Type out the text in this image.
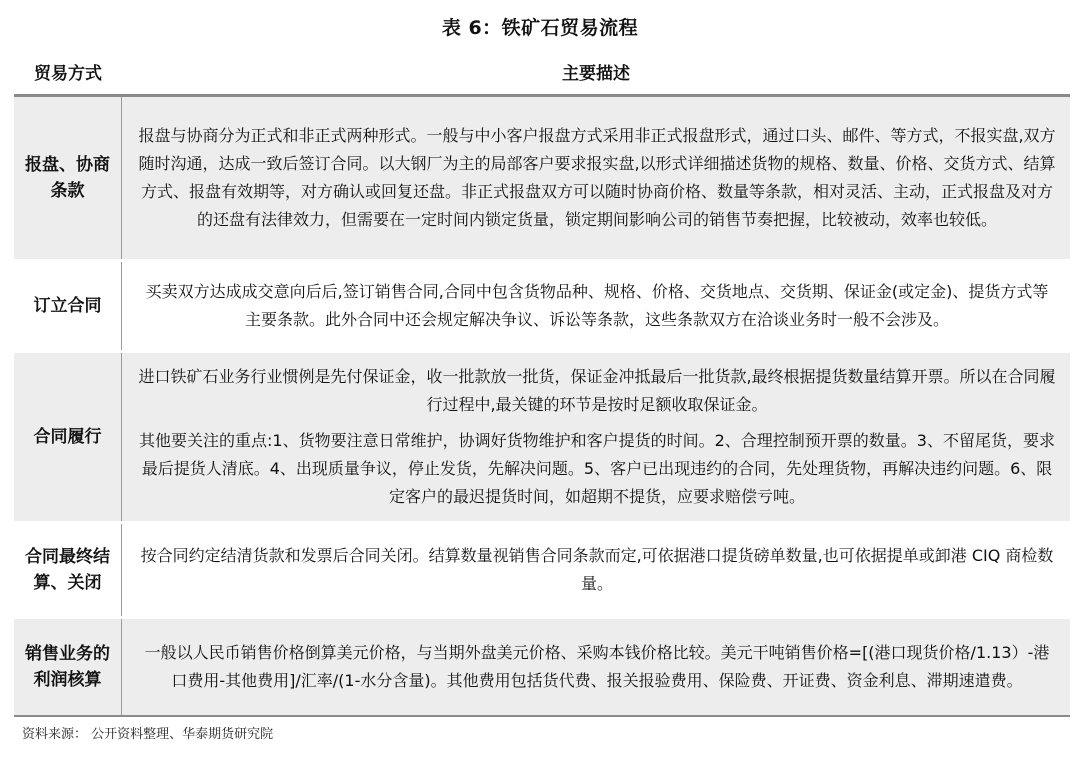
表 6：铁矿石贸易流程
贸易方式	主要描述
报盘、协商条款

报盘与协商分为正式和非正式两种形式。一般与中小客户报盘方式采用非正式报盘形式，通过口头、邮件、等方式，不报实盘,双方随时沟通，达成一致后签订合同。以大钢厂为主的局部客户要求报实盘,以形式详细描述货物的规格、数量、价格、交货方式、结算方式、报盘有效期等，对方确认或回复还盘。非正式报盘双方可以随时协商价格、数量等条款，相对灵活、主动，正式报盘及对方的还盘有法律效力，但需要在一定时间内锁定货量，锁定期间影响公司的销售节奏把握，比较被动，效率也较低。

订立合同

买卖双方达成成交意向后后,签订销售合同,合同中包含货物品种、规格、价格、交货地点、交货期、保证金(或定金)、提货方式等主要条款。此外合同中还会规定解决争议、诉讼等条款，这些条款双方在洽谈业务时一般不会涉及。

合同履行

进口铁矿石业务行业惯例是先付保证金，收一批款放一批货，保证金冲抵最后一批货款,最终根据提货数量结算开票。所以在合同履行过程中,最关键的环节是按时足额收取保证金。

其他要关注的重点:1、货物要注意日常维护，协调好货物维护和客户提货的时间。2、合理控制预开票的数量。3、不留尾货，要求最后提货人清底。4、出现质量争议，停止发货，先解决问题。5、客户已出现违约的合同，先处理货物，再解决违约问题。6、限定客户的最迟提货时间，如超期不提货，应要求赔偿亏吨。

合同最终结算、关闭

按合同约定结清货款和发票后合同关闭。结算数量视销售合同条款而定,可依据港口提货磅单数量,也可依据提单或卸港 CIQ 商检数量。

销售业务的利润核算

一般以人民币销售价格倒算美元价格，与当期外盘美元价格、采购本钱价格比较。美元干吨销售价格=[(港口现货价格/1.13）-港口费用-其他费用]/汇率/(1-水分含量)。其他费用包括货代费、报关报验费用、保险费、开证费、资金利息、滞期速遣费。

资料来源： 公开资料整理、华泰期货研究院
